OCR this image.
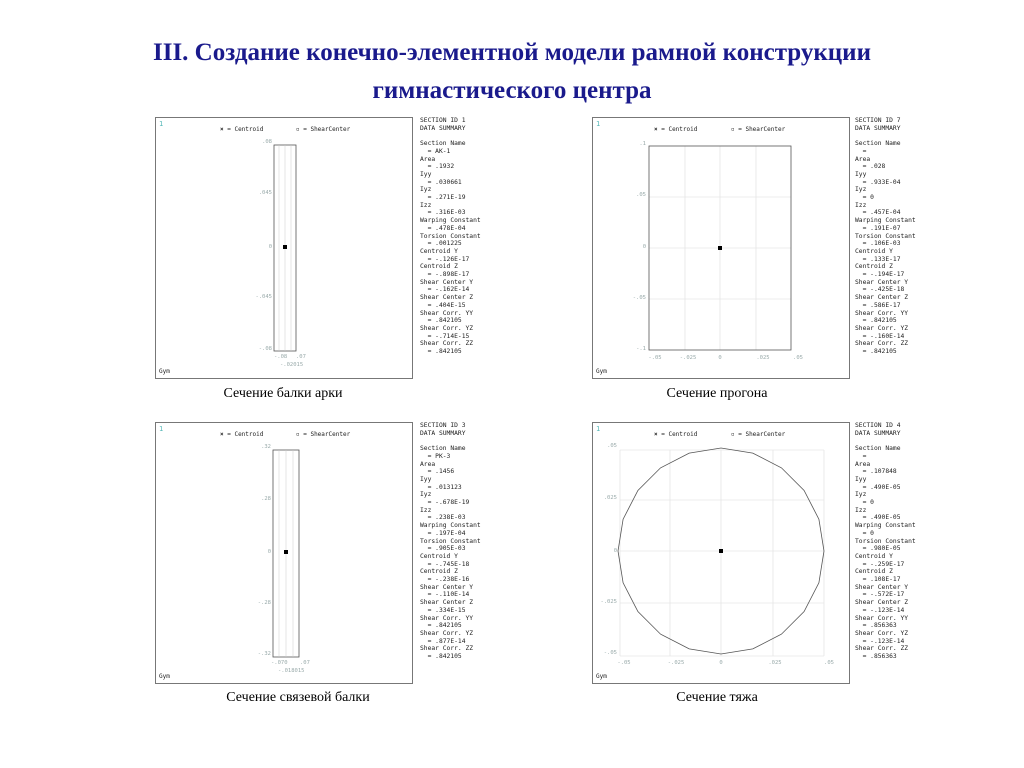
III. Создание конечно-элементной модели рамной конструкции
гимнастического центра
1
× = Centroid	▫ = ShearCenter
.08
.045
0
-.045
-.08
-.08 .07
-.02015
Gym
SECTION ID 1
DATA SUMMARY

Section Name
= AK-1
Area
= .1932
Iyy
= .030661
Iyz
= .271E-19
Izz
= .316E-03
Warping Constant
= .478E-04
Torsion Constant
= .001225
Centroid Y
= -.126E-17
Centroid Z
= -.898E-17
Shear Center Y
= -.162E-14
Shear Center Z
= .404E-15
Shear Corr. YY
= .842105
Shear Corr. YZ
= -.714E-15
Shear Corr. ZZ
= .842105
Сечение балки арки
1
× = Centroid	▫ = ShearCenter
.1
.05
0
-.05
-.1
-.05	-.025	0	.025	.05
Gym
SECTION ID 7
DATA SUMMARY

Section Name
=
Area
= .028
Iyy
= .933E-04
Iyz
= 0
Izz
= .457E-04
Warping Constant
= .191E-07
Torsion Constant
= .106E-03
Centroid Y
= .133E-17
Centroid Z
= -.194E-17
Shear Center Y
= -.425E-18
Shear Center Z
= .586E-17
Shear Corr. YY
= .842105
Shear Corr. YZ
= -.160E-14
Shear Corr. ZZ
= .842105
Сечение прогона
1
× = Centroid	▫ = ShearCenter
.32
.28
0
-.28
-.32
-.070 .07
-.018015
Gym
SECTION ID 3
DATA SUMMARY

Section Name
= PK-3
Area
= .1456
Iyy
= .013123
Iyz
= -.678E-19
Izz
= .238E-03
Warping Constant
= .197E-04
Torsion Constant
= .905E-03
Centroid Y
= -.745E-18
Centroid Z
= -.238E-16
Shear Center Y
= -.110E-14
Shear Center Z
= .334E-15
Shear Corr. YY
= .842105
Shear Corr. YZ
= .877E-14
Shear Corr. ZZ
= .842105
Сечение связевой балки
1
× = Centroid	▫ = ShearCenter
.05
.025
0
-.025
-.05
-.05	-.025	0	.025	.05
Gym
SECTION ID 4
DATA SUMMARY

Section Name
=
Area
= .107848
Iyy
= .490E-05
Iyz
= 0
Izz
= .490E-05
Warping Constant
= 0
Torsion Constant
= .980E-05
Centroid Y
= -.259E-17
Centroid Z
= .108E-17
Shear Center Y
= -.572E-17
Shear Center Z
= -.123E-14
Shear Corr. YY
= .856363
Shear Corr. YZ
= -.123E-14
Shear Corr. ZZ
= .856363
Сечение тяжа
